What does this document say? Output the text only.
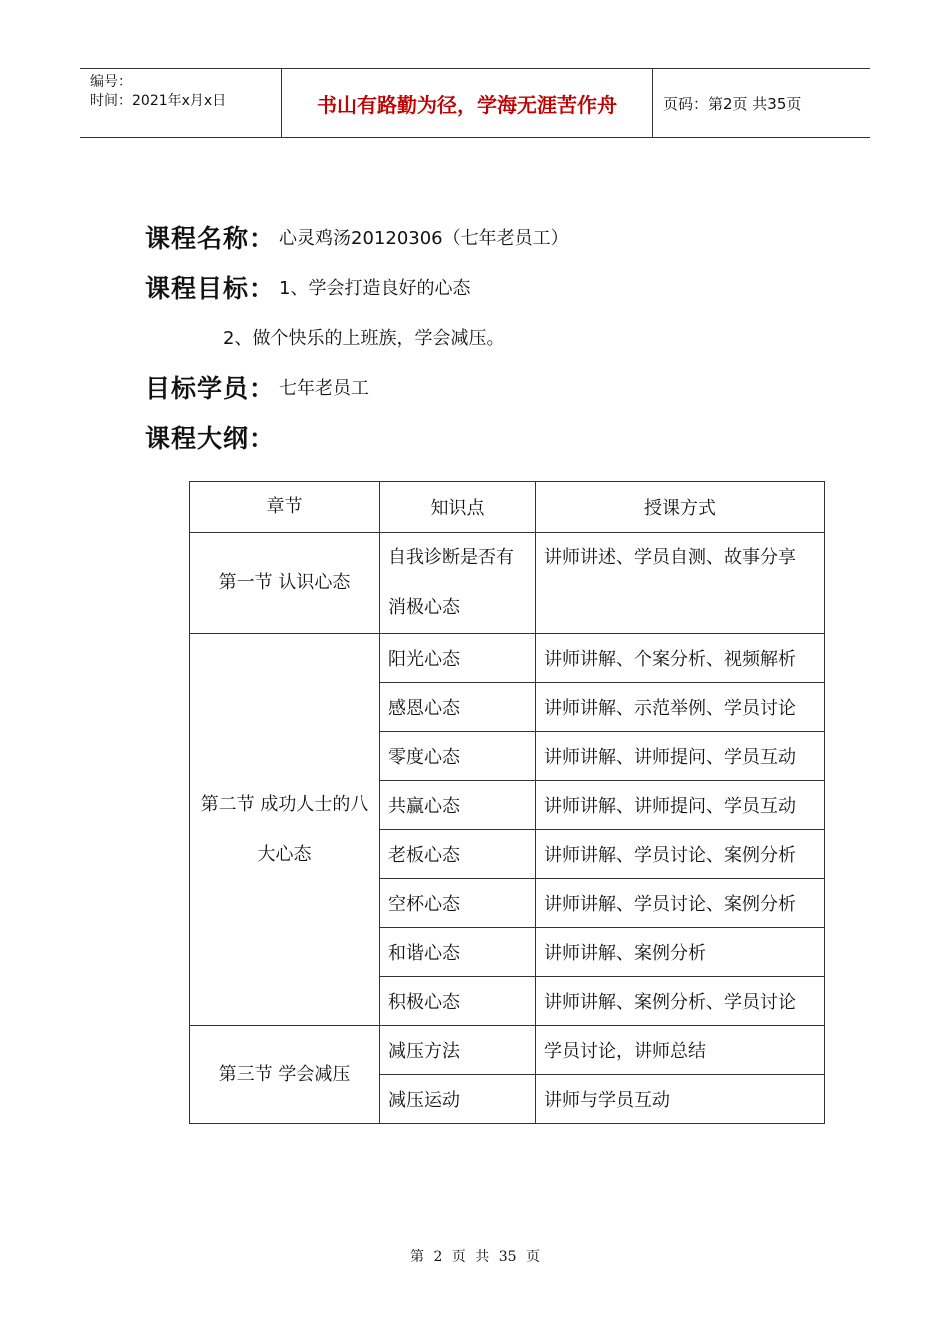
编号：
时间：2021年x月x日	书山有路勤为径，学海无涯苦作舟	页码：第2页 共35页
课程名称： 心灵鸡汤20120306（七年老员工）
课程目标： 1、学会打造良好的心态
2、做个快乐的上班族，学会减压。
目标学员： 七年老员工
课程大纲：
章节	知识点	授课方式
第一节 认识心态	自我诊断是否有消极心态	讲师讲述、学员自测、故事分享

第二节 成功人士的八大心态	阳光心态	讲师讲解、个案分析、视频解析
	感恩心态	讲师讲解、示范举例、学员讨论
	零度心态	讲师讲解、讲师提问、学员互动
	共赢心态	讲师讲解、讲师提问、学员互动
	老板心态	讲师讲解、学员讨论、案例分析
	空杯心态	讲师讲解、学员讨论、案例分析
	和谐心态	讲师讲解、案例分析
	积极心态	讲师讲解、案例分析、学员讨论
第三节 学会减压	减压方法	学员讨论，讲师总结
	减压运动	讲师与学员互动
第 2 页 共 35 页
